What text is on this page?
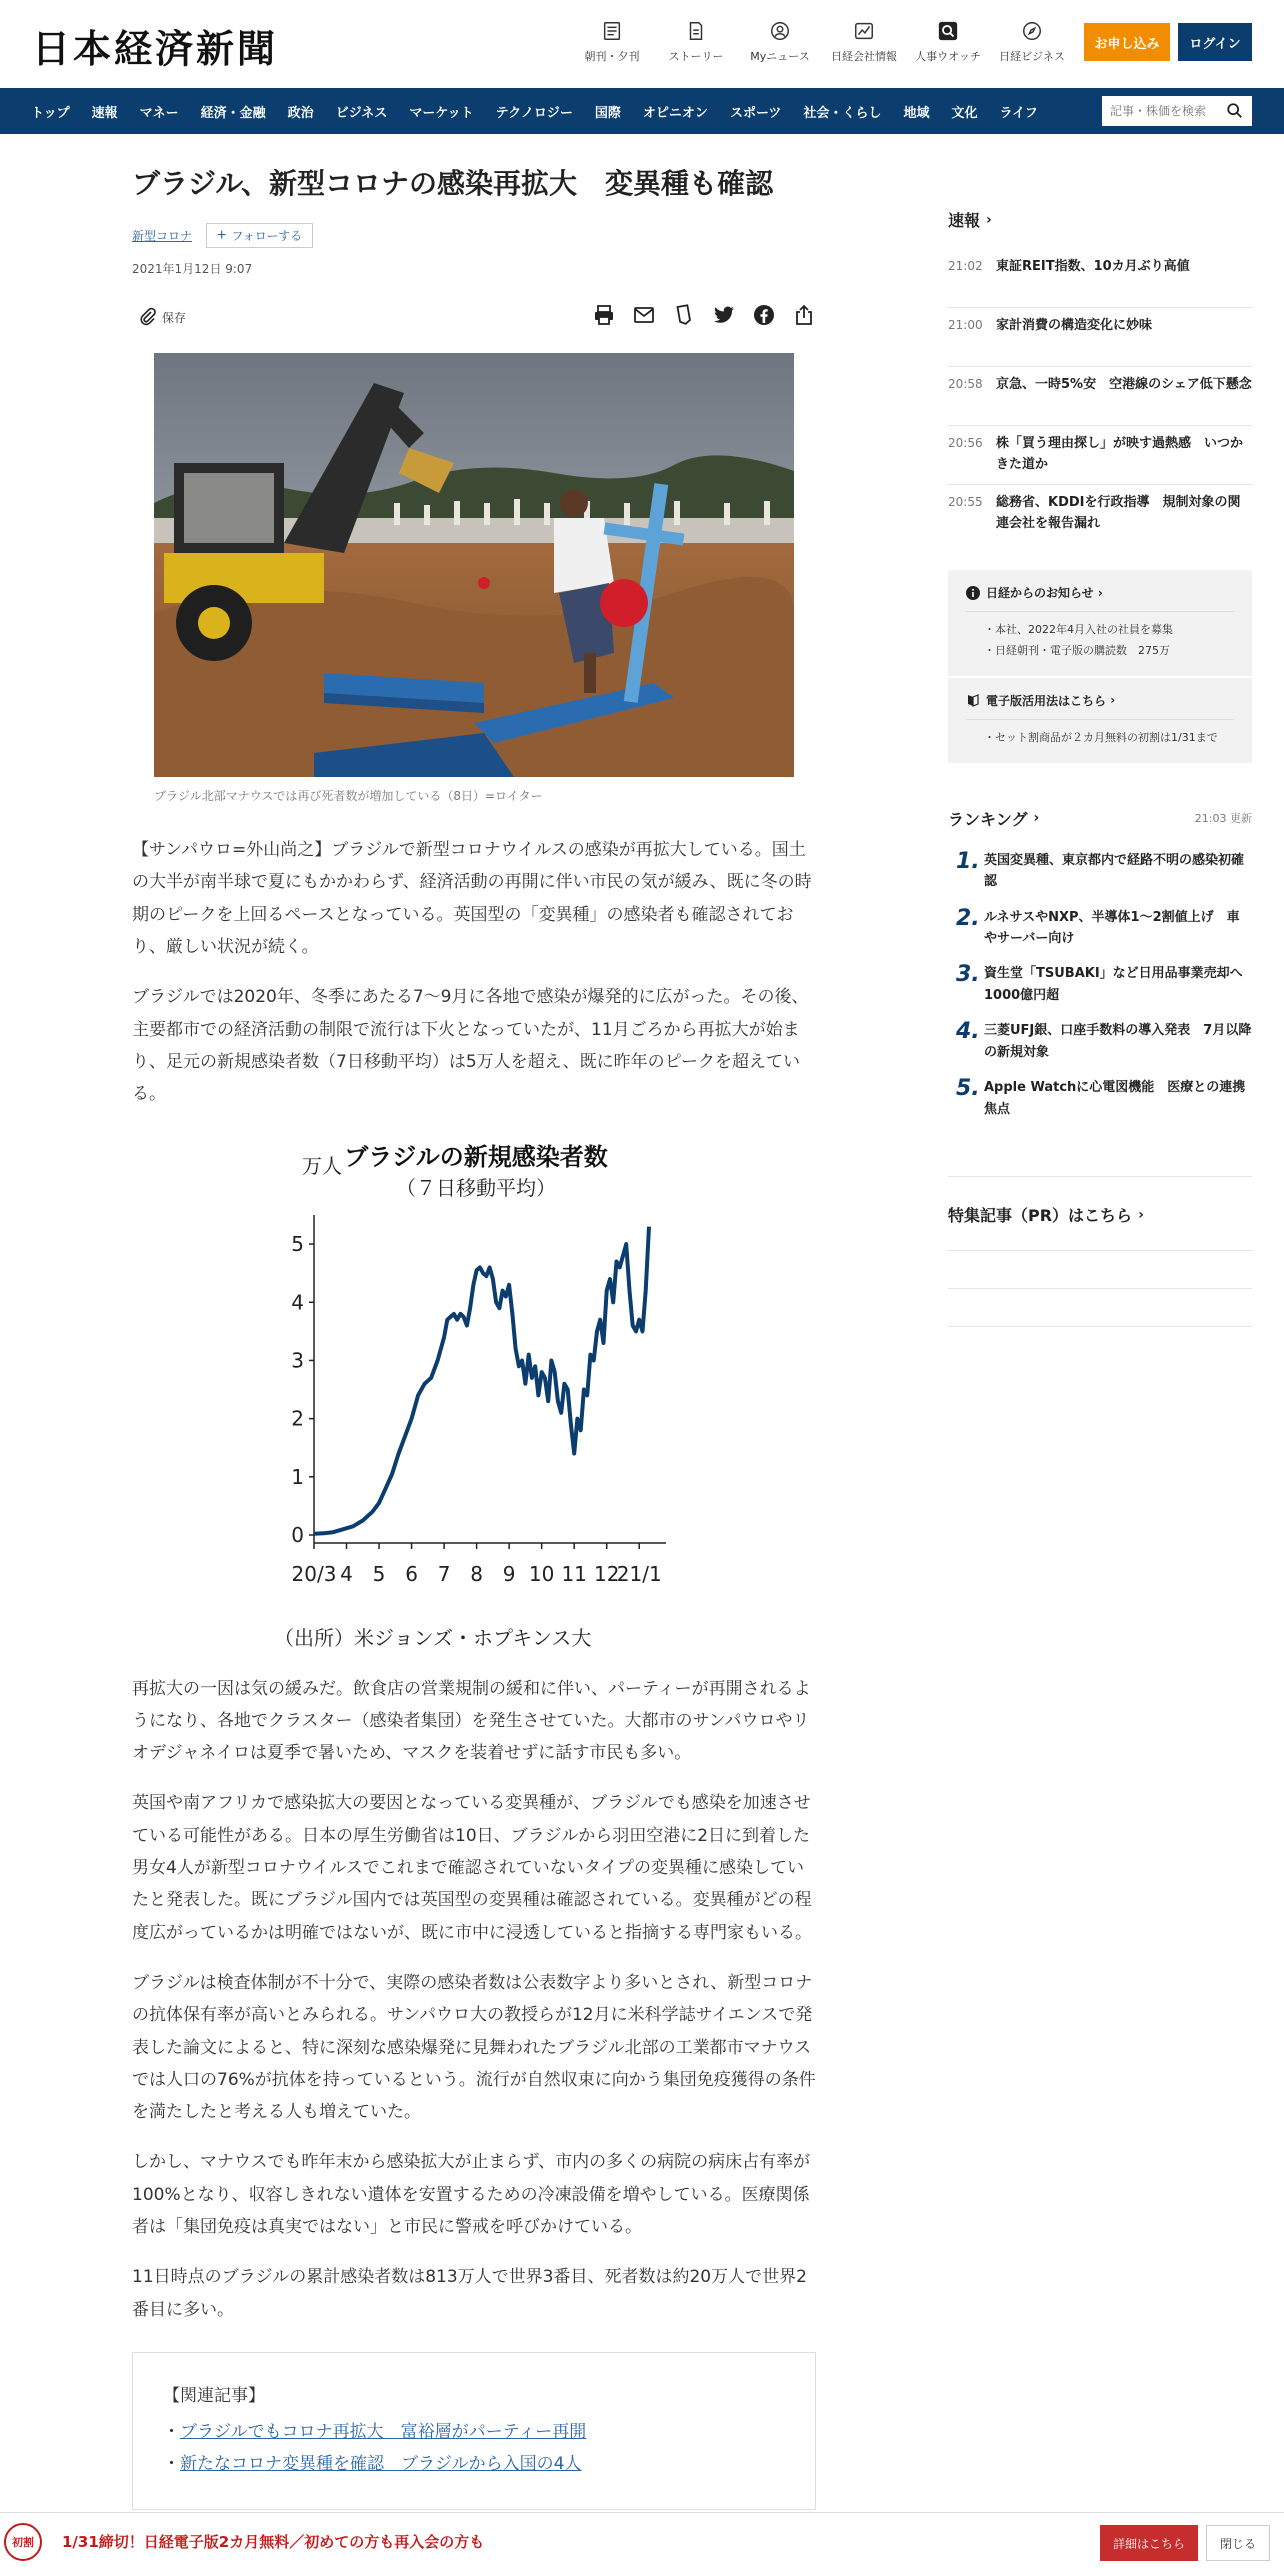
日本経済新聞	朝刊・夕刊	ストーリー	Myニュース	日経会社情報	人事ウオッチ	日経ビジネス
お申し込み	ログイン
トップ	速報	マネー	経済・金融	政治	ビジネス	マーケット	テクノロジー	国際	オピニオン	スポーツ	社会・くらし	地域	文化	ライフ
記事・株価を検索
ブラジル、新型コロナの感染再拡大　変異種も確認
新型コロナ + フォローする
2021年1月12日 9:07
保存
ブラジル北部マナウスでは再び死者数が増加している（8日）=ロイター

【サンパウロ=外山尚之】ブラジルで新型コロナウイルスの感染が再拡大している。国土の大半が南半球で夏にもかかわらず、経済活動の再開に伴い市民の気が緩み、既に冬の時期のピークを上回るペースとなっている。英国型の「変異種」の感染者も確認されており、厳しい状況が続く。

ブラジルでは2020年、冬季にあたる7～9月に各地で感染が爆発的に広がった。その後、主要都市での経済活動の制限で流行は下火となっていたが、11月ごろから再拡大が始まり、足元の新規感染者数（7日移動平均）は5万人を超え、既に昨年のピークを超えている。

万人 ブラジルの新規感染者数
（７日移動平均）
0
1
2
3
4
5
20/3 4 5 6 7 8 9 10 11 12
21/1
（出所）米ジョンズ・ホプキンス大

再拡大の一因は気の緩みだ。飲食店の営業規制の緩和に伴い、パーティーが再開されるようになり、各地でクラスター（感染者集団）を発生させていた。大都市のサンパウロやリオデジャネイロは夏季で暑いため、マスクを装着せずに話す市民も多い。

英国や南アフリカで感染拡大の要因となっている変異種が、ブラジルでも感染を加速させている可能性がある。日本の厚生労働省は10日、ブラジルから羽田空港に2日に到着した男女4人が新型コロナウイルスでこれまで確認されていないタイプの変異種に感染していたと発表した。既にブラジル国内では英国型の変異種は確認されている。変異種がどの程度広がっているかは明確ではないが、既に市中に浸透していると指摘する専門家もいる。

ブラジルは検査体制が不十分で、実際の感染者数は公表数字より多いとされ、新型コロナの抗体保有率が高いとみられる。サンパウロ大の教授らが12月に米科学誌サイエンスで発表した論文によると、特に深刻な感染爆発に見舞われたブラジル北部の工業都市マナウスでは人口の76%が抗体を持っているという。流行が自然収束に向かう集団免疫獲得の条件を満たしたと考える人も増えていた。

しかし、マナウスでも昨年末から感染拡大が止まらず、市内の多くの病院の病床占有率が100%となり、収容しきれない遺体を安置するための冷凍設備を増やしている。医療関係者は「集団免疫は真実ではない」と市民に警戒を呼びかけている。

11日時点のブラジルの累計感染者数は813万人で世界3番目、死者数は約20万人で世界2番目に多い。

【関連記事】
・ブラジルでもコロナ再拡大　富裕層がパーティー再開
・新たなコロナ変異種を確認　ブラジルから入国の4人
速報 ›
21:02	東証REIT指数、10カ月ぶり高値
21:00	家計消費の構造変化に妙味
20:58	京急、一時5%安　空港線のシェア低下懸念
20:56	株「買う理由探し」が映す過熱感　いつかきた道か
20:55	総務省、KDDIを行政指導　規制対象の関連会社を報告漏れ
日経からのお知らせ ›
・本社、2022年4月入社の社員を募集
・日経朝刊・電子版の購読数　275万
電子版活用法はこちら ›
・セット割商品が２カ月無料の初割は1/31まで
ランキング ›	21:03 更新
1. 英国変異種、東京都内で経路不明の感染初確認
2. ルネサスやNXP、半導体1～2割値上げ　車やサーバー向け
3. 資生堂「TSUBAKI」など日用品事業売却へ　1000億円超
4. 三菱UFJ銀、口座手数料の導入発表　7月以降の新規対象
5. Apple Watchに心電図機能　医療との連携焦点
特集記事（PR）はこちら ›
初割	1/31締切！日経電子版2カ月無料／初めての方も再入会の方も	詳細はこちら	閉じる
